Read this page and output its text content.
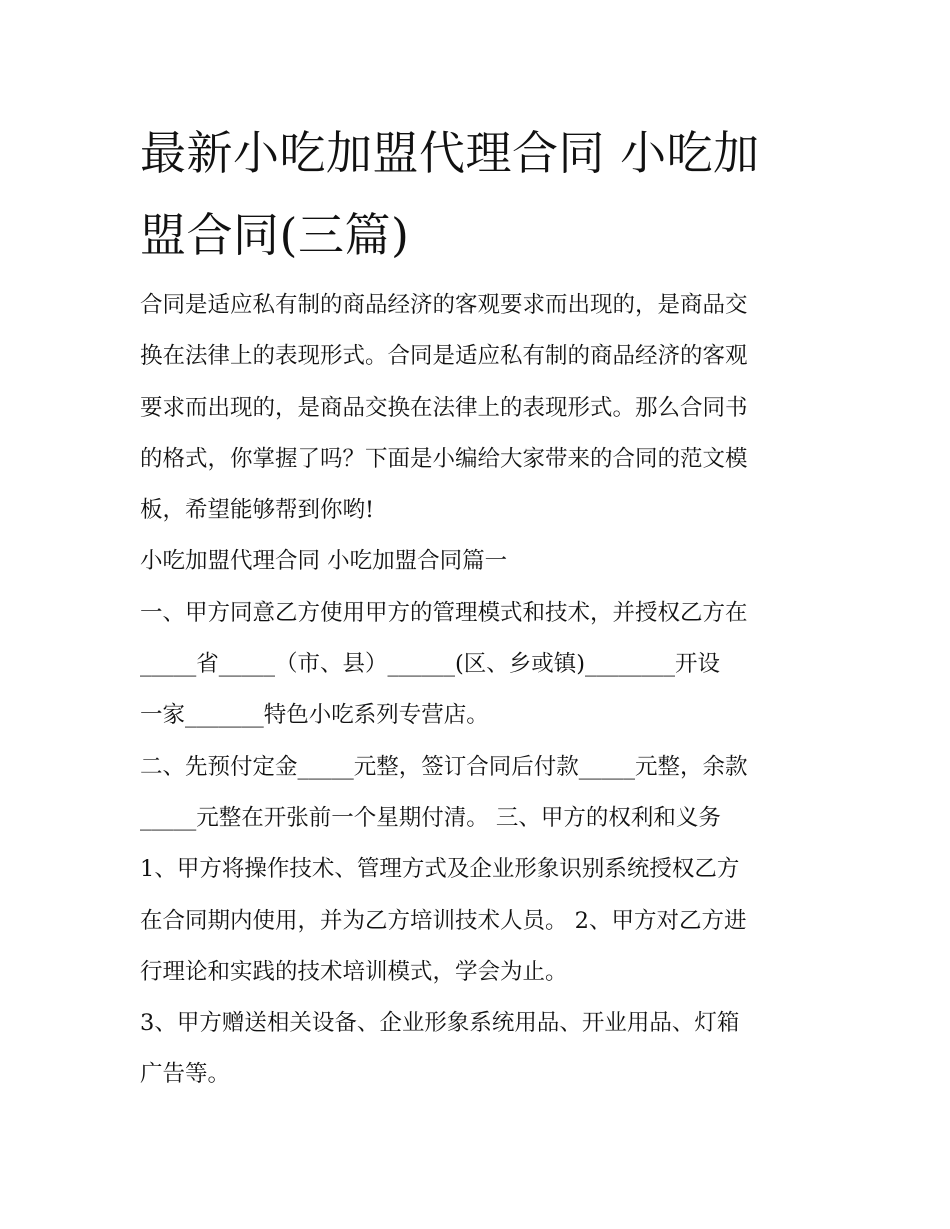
最新小吃加盟代理合同 小吃加
盟合同(三篇)

合同是适应私有制的商品经济的客观要求而出现的，是商品交
换在法律上的表现形式。合同是适应私有制的商品经济的客观
要求而出现的，是商品交换在法律上的表现形式。那么合同书
的格式，你掌握了吗？下面是小编给大家带来的合同的范文模
板，希望能够帮到你哟!

小吃加盟代理合同 小吃加盟合同篇一

一、甲方同意乙方使用甲方的管理模式和技术，并授权乙方在
_____省_____（市、县）______(区、乡或镇)________开设
一家_______特色小吃系列专营店。

二、先预付定金_____元整，签订合同后付款_____元整，余款
_____元整在开张前一个星期付清。 三、甲方的权利和义务

1、甲方将操作技术、管理方式及企业形象识别系统授权乙方
在合同期内使用，并为乙方培训技术人员。 2、甲方对乙方进
行理论和实践的技术培训模式，学会为止。

3、甲方赠送相关设备、企业形象系统用品、开业用品、灯箱
广告等。
